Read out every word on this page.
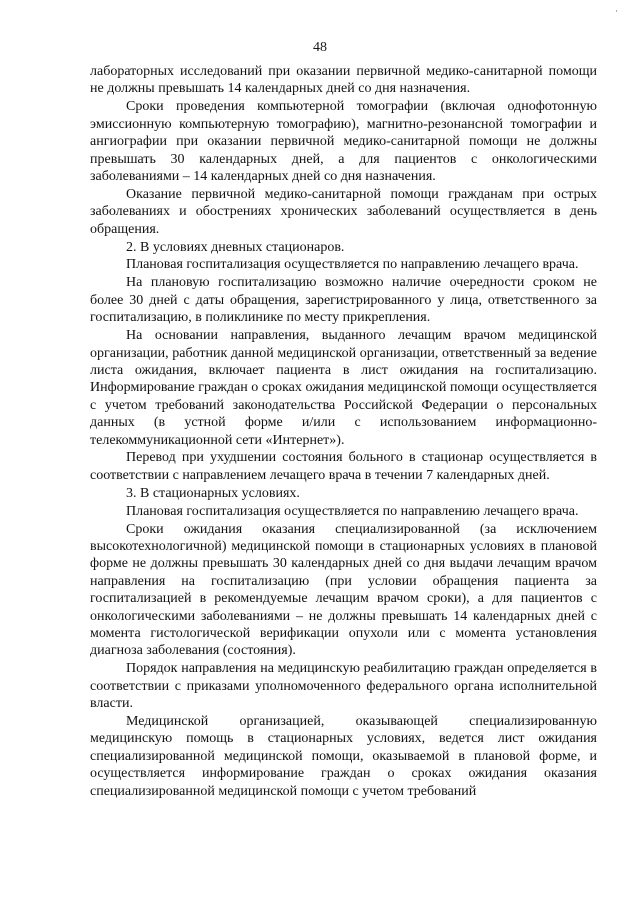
·
48

лабораторных исследований при оказании первичной медико-санитарной помощи не должны превышать 14 календарных дней со дня назначения.

Сроки проведения компьютерной томографии (включая однофотонную эмиссионную компьютерную томографию), магнитно-резонансной томографии и ангиографии при оказании первичной медико-санитарной помощи не должны превышать 30 календарных дней, а для пациентов с онкологическими заболеваниями – 14 календарных дней со дня назначения.

Оказание первичной медико-санитарной помощи гражданам при острых заболеваниях и обострениях хронических заболеваний осуществляется в день обращения.

2. В условиях дневных стационаров.

Плановая госпитализация осуществляется по направлению лечащего врача.

На плановую госпитализацию возможно наличие очередности сроком не более 30 дней с даты обращения, зарегистрированного у лица, ответственного за госпитализацию, в поликлинике по месту прикрепления.

На основании направления, выданного лечащим врачом медицинской организации, работник данной медицинской организации, ответственный за ведение листа ожидания, включает пациента в лист ожидания на госпитализацию. Информирование граждан о сроках ожидания медицинской помощи осуществляется с учетом требований законодательства Российской Федерации о персональных данных (в устной форме и/или с использованием информационно-телекоммуникационной сети «Интернет»).

Перевод при ухудшении состояния больного в стационар осуществляется в соответствии с направлением лечащего врача в течении 7 календарных дней.

3. В стационарных условиях.

Плановая госпитализация осуществляется по направлению лечащего врача.

Сроки ожидания оказания специализированной (за исключением высокотехнологичной) медицинской помощи в стационарных условиях в плановой форме не должны превышать 30 календарных дней со дня выдачи лечащим врачом направления на госпитализацию (при условии обращения пациента за госпитализацией в рекомендуемые лечащим врачом сроки), а для пациентов с онкологическими заболеваниями – не должны превышать 14 календарных дней с момента гистологической верификации опухоли или с момента установления диагноза заболевания (состояния).

Порядок направления на медицинскую реабилитацию граждан определяется в соответствии с приказами уполномоченного федерального органа исполнительной власти.

Медицинской организацией, оказывающей специализированную медицинскую помощь в стационарных условиях, ведется лист ожидания специализированной медицинской помощи, оказываемой в плановой форме, и осуществляется информирование граждан о сроках ожидания оказания специализированной медицинской помощи с учетом требований
